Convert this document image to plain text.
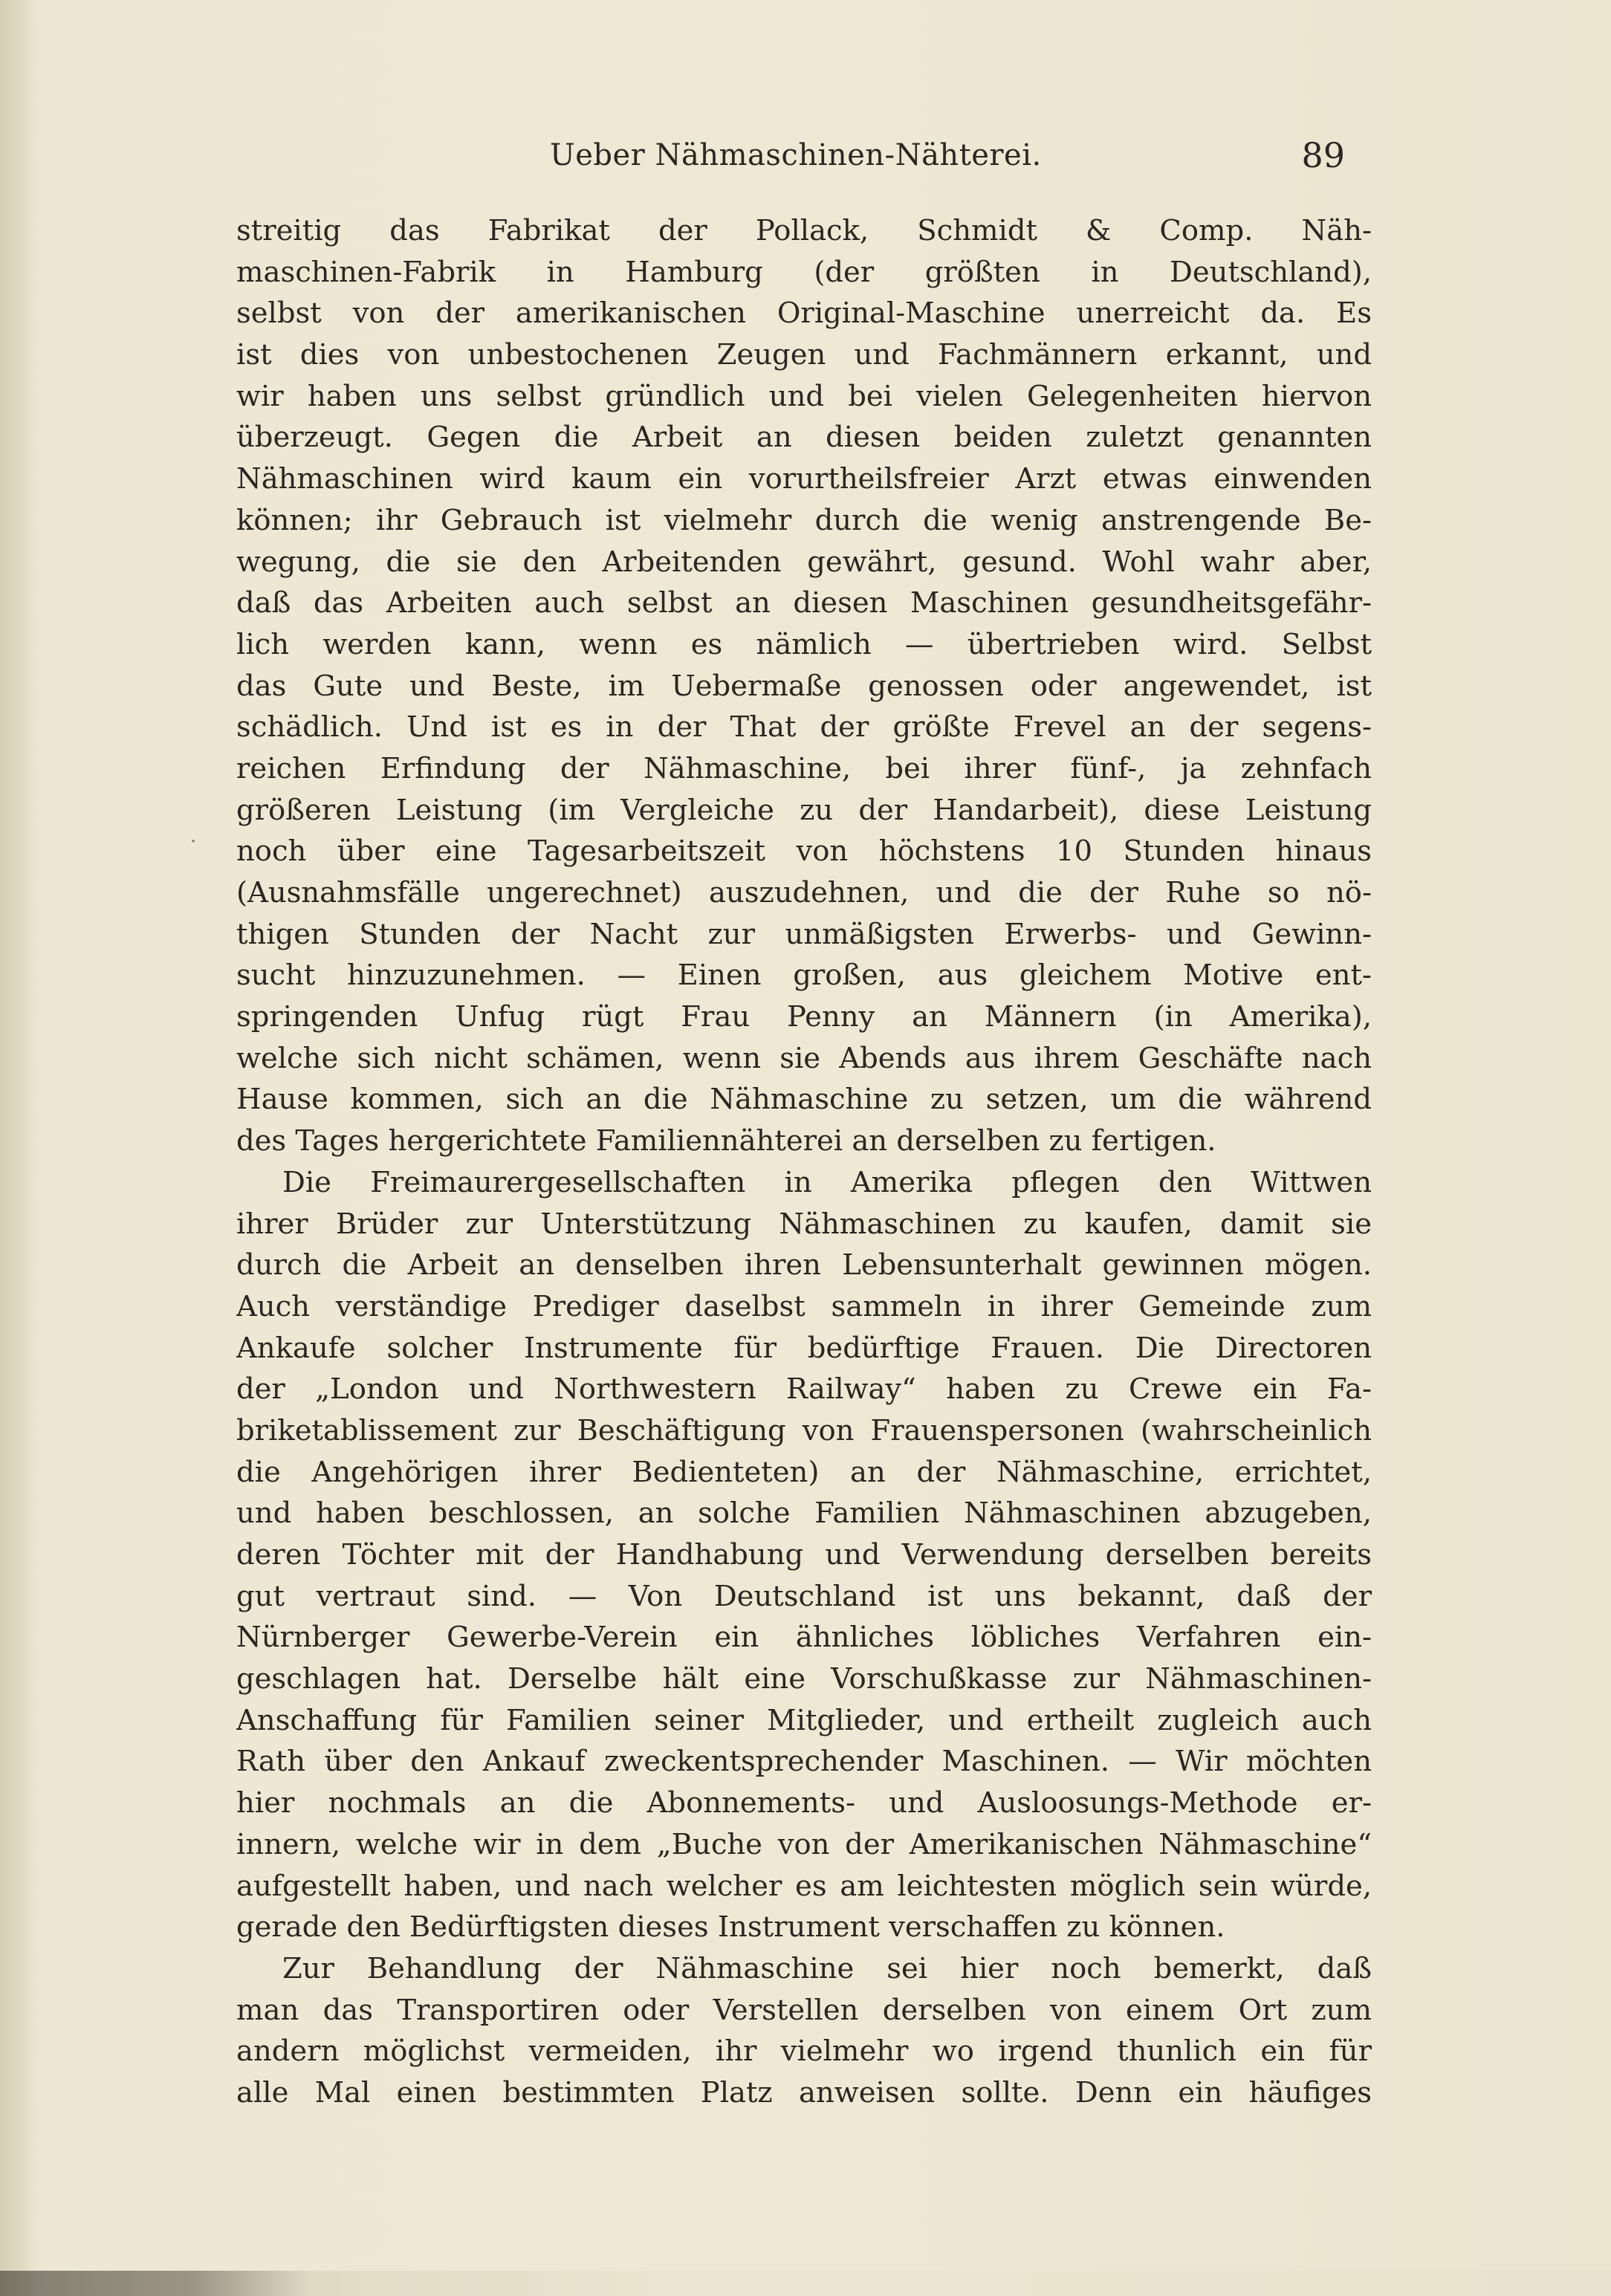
Ueber Nähmaschinen-Nähterei.	89
·
streitig das Fabrikat der Pollack, Schmidt & Comp. Näh-
maschinen-Fabrik in Hamburg (der größten in Deutschland),
selbst von der amerikanischen Original-Maschine unerreicht da. Es
ist dies von unbestochenen Zeugen und Fachmännern erkannt, und
wir haben uns selbst gründlich und bei vielen Gelegenheiten hiervon
überzeugt. Gegen die Arbeit an diesen beiden zuletzt genannten
Nähmaschinen wird kaum ein vorurtheilsfreier Arzt etwas einwenden
können; ihr Gebrauch ist vielmehr durch die wenig anstrengende Be-
wegung, die sie den Arbeitenden gewährt, gesund. Wohl wahr aber,
daß das Arbeiten auch selbst an diesen Maschinen gesundheitsgefähr-
lich werden kann, wenn es nämlich — übertrieben wird. Selbst
das Gute und Beste, im Uebermaße genossen oder angewendet, ist
schädlich. Und ist es in der That der größte Frevel an der segens-
reichen Erfindung der Nähmaschine, bei ihrer fünf-, ja zehnfach
größeren Leistung (im Vergleiche zu der Handarbeit), diese Leistung
noch über eine Tagesarbeitszeit von höchstens 10 Stunden hinaus
(Ausnahmsfälle ungerechnet) auszudehnen, und die der Ruhe so nö-
thigen Stunden der Nacht zur unmäßigsten Erwerbs- und Gewinn-
sucht hinzuzunehmen. — Einen großen, aus gleichem Motive ent-
springenden Unfug rügt Frau Penny an Männern (in Amerika),
welche sich nicht schämen, wenn sie Abends aus ihrem Geschäfte nach
Hause kommen, sich an die Nähmaschine zu setzen, um die während
des Tages hergerichtete Familiennähterei an derselben zu fertigen.
Die Freimaurergesellschaften in Amerika pflegen den Wittwen
ihrer Brüder zur Unterstützung Nähmaschinen zu kaufen, damit sie
durch die Arbeit an denselben ihren Lebensunterhalt gewinnen mögen.
Auch verständige Prediger daselbst sammeln in ihrer Gemeinde zum
Ankaufe solcher Instrumente für bedürftige Frauen. Die Directoren
der „London und Northwestern Railway“ haben zu Crewe ein Fa-
briketablissement zur Beschäftigung von Frauenspersonen (wahrscheinlich
die Angehörigen ihrer Bedienteten) an der Nähmaschine, errichtet,
und haben beschlossen, an solche Familien Nähmaschinen abzugeben,
deren Töchter mit der Handhabung und Verwendung derselben bereits
gut vertraut sind. — Von Deutschland ist uns bekannt, daß der
Nürnberger Gewerbe-Verein ein ähnliches löbliches Verfahren ein-
geschlagen hat. Derselbe hält eine Vorschußkasse zur Nähmaschinen-
Anschaffung für Familien seiner Mitglieder, und ertheilt zugleich auch
Rath über den Ankauf zweckentsprechender Maschinen. — Wir möchten
hier nochmals an die Abonnements- und Ausloosungs-Methode er-
innern, welche wir in dem „Buche von der Amerikanischen Nähmaschine“
aufgestellt haben, und nach welcher es am leichtesten möglich sein würde,
gerade den Bedürftigsten dieses Instrument verschaffen zu können.
Zur Behandlung der Nähmaschine sei hier noch bemerkt, daß
man das Transportiren oder Verstellen derselben von einem Ort zum
andern möglichst vermeiden, ihr vielmehr wo irgend thunlich ein für
alle Mal einen bestimmten Platz anweisen sollte. Denn ein häufiges
